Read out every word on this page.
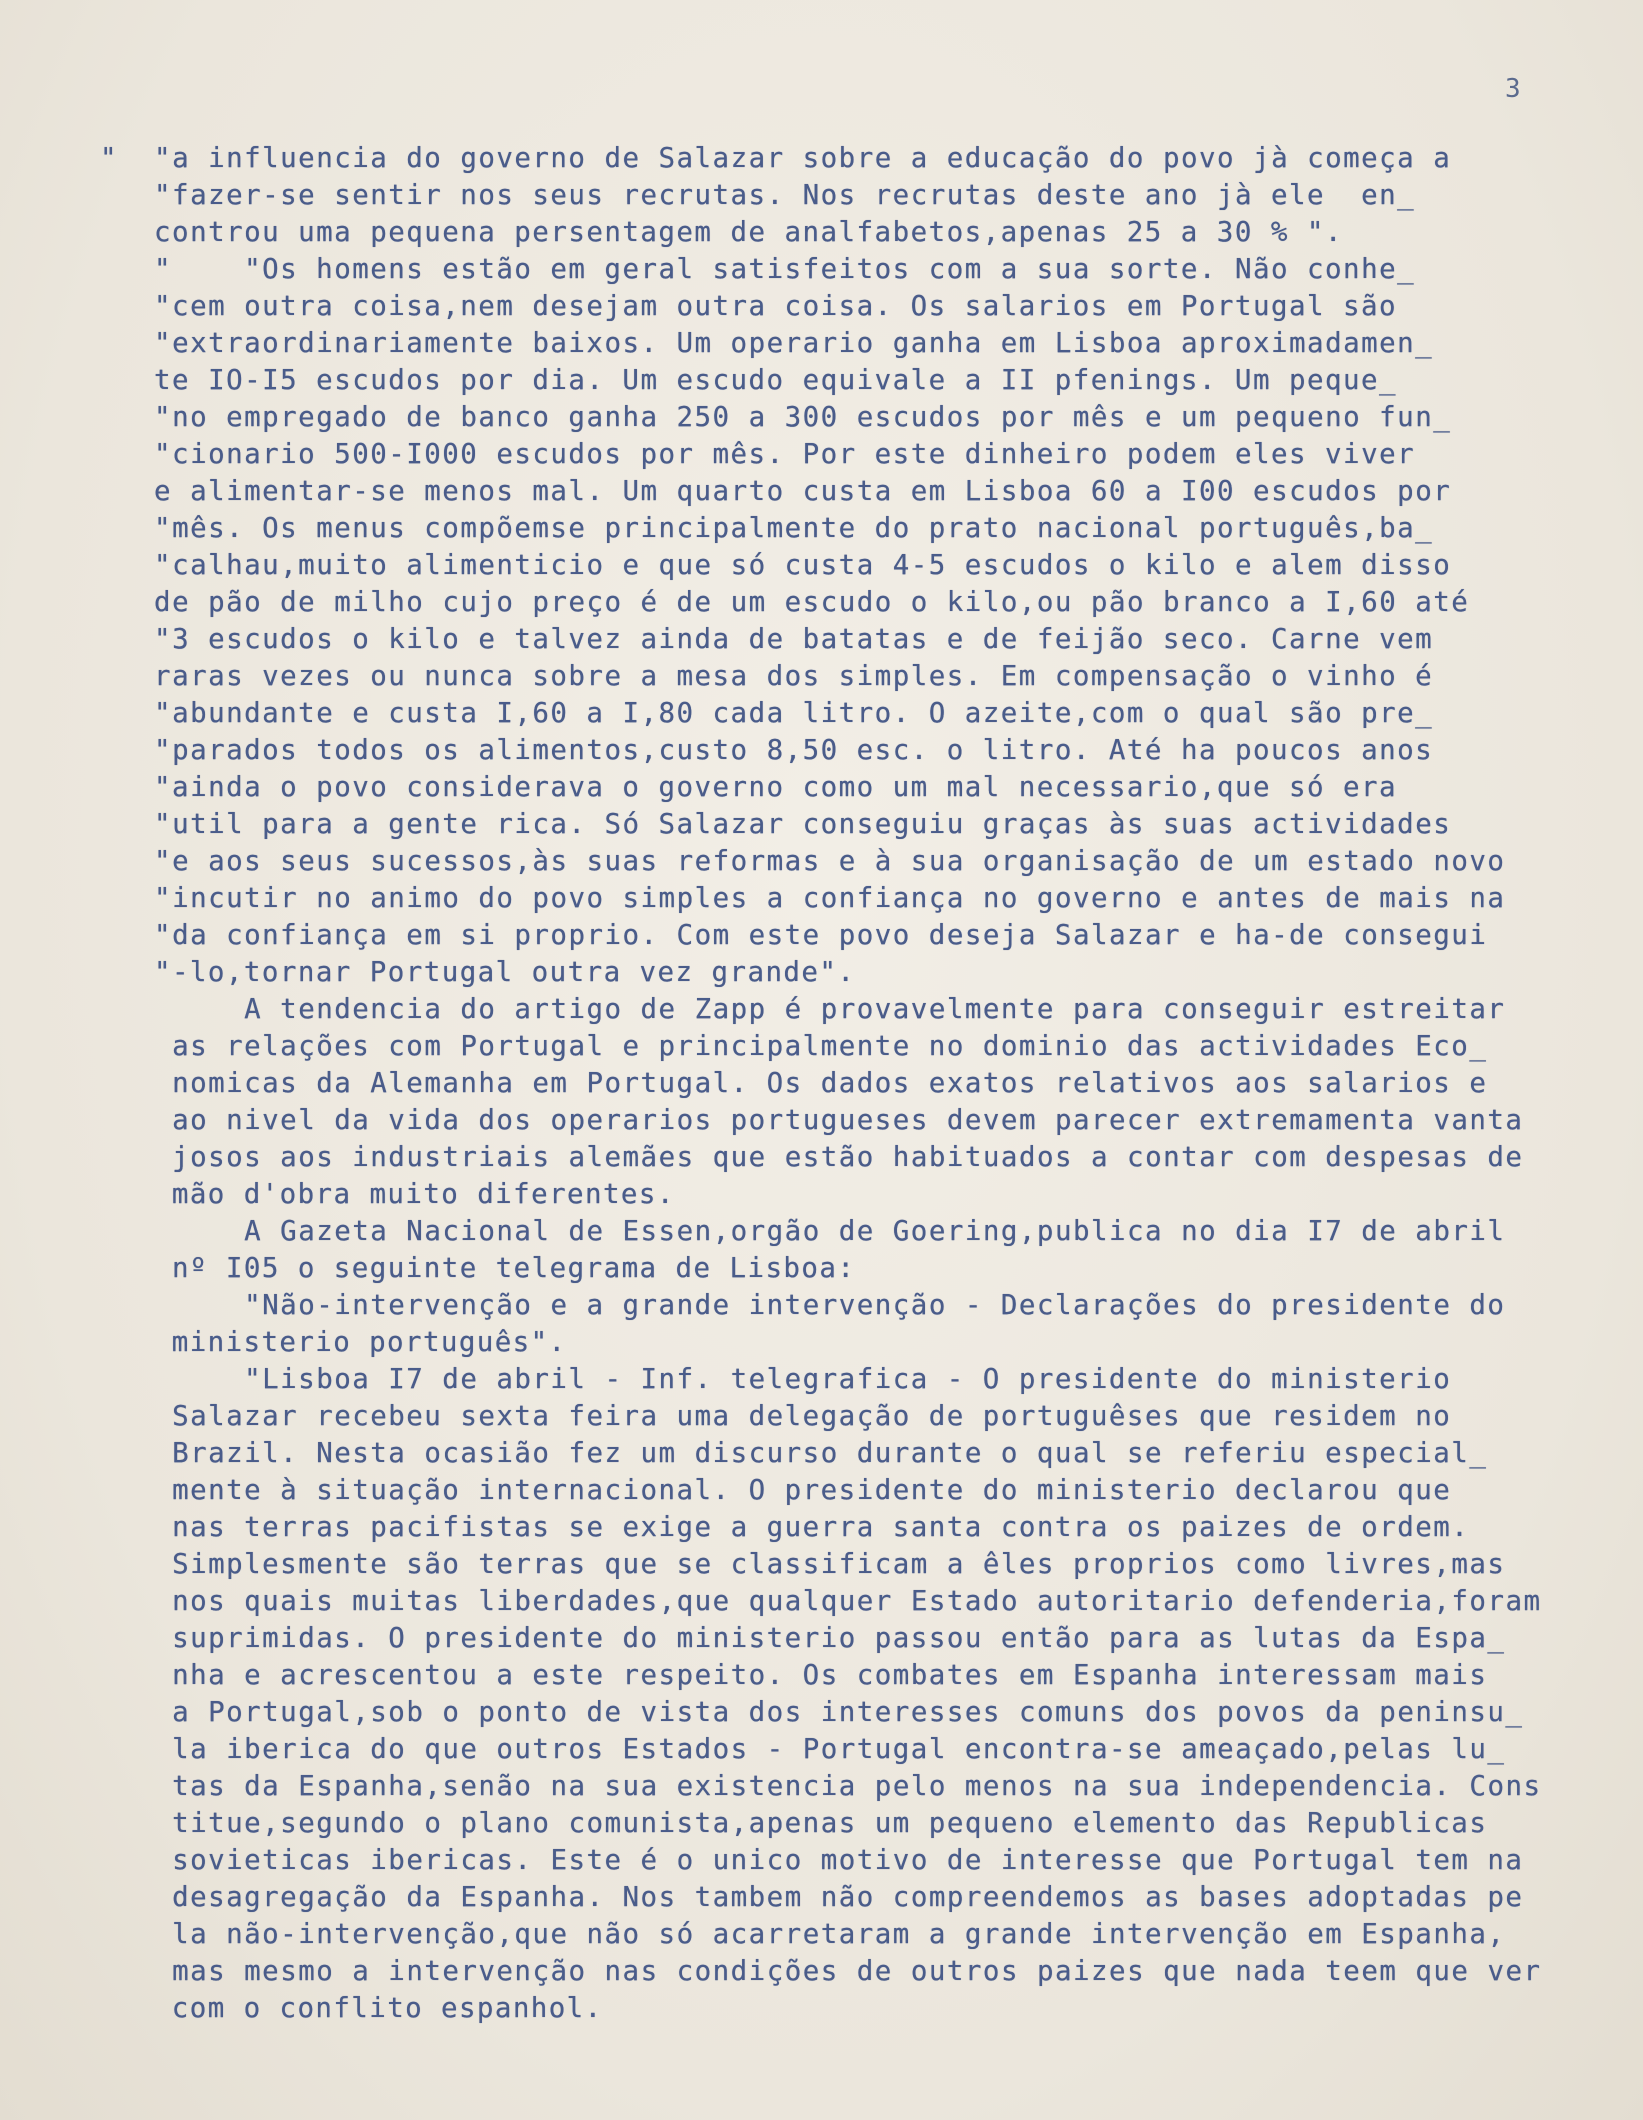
3
"  "a influencia do governo de Salazar sobre a educação do povo jà começa a
"fazer-se sentir nos seus recrutas. Nos recrutas deste ano jà ele  en_
controu uma pequena persentagem de analfabetos,apenas 25 a 30 % ".
"    "Os homens estão em geral satisfeitos com a sua sorte. Não conhe_
"cem outra coisa,nem desejam outra coisa. Os salarios em Portugal são
"extraordinariamente baixos. Um operario ganha em Lisboa aproximadamen_
te IO-I5 escudos por dia. Um escudo equivale a II pfenings. Um peque_
"no empregado de banco ganha 250 a 300 escudos por mês e um pequeno fun_
"cionario 500-I000 escudos por mês. Por este dinheiro podem eles viver
e alimentar-se menos mal. Um quarto custa em Lisboa 60 a I00 escudos por
"mês. Os menus compõemse principalmente do prato nacional português,ba_
"calhau,muito alimenticio e que só custa 4-5 escudos o kilo e alem disso
de pão de milho cujo preço é de um escudo o kilo,ou pão branco a I,60 até
"3 escudos o kilo e talvez ainda de batatas e de feijão seco. Carne vem
raras vezes ou nunca sobre a mesa dos simples. Em compensação o vinho é
"abundante e custa I,60 a I,80 cada litro. O azeite,com o qual são pre_
"parados todos os alimentos,custo 8,50 esc. o litro. Até ha poucos anos
"ainda o povo considerava o governo como um mal necessario,que só era
"util para a gente rica. Só Salazar conseguiu graças às suas actividades
"e aos seus sucessos,às suas reformas e à sua organisação de um estado novo
"incutir no animo do povo simples a confiança no governo e antes de mais na
"da confiança em si proprio. Com este povo deseja Salazar e ha-de consegui
"-lo,tornar Portugal outra vez grande".
A tendencia do artigo de Zapp é provavelmente para conseguir estreitar
as relações com Portugal e principalmente no dominio das actividades Eco_
nomicas da Alemanha em Portugal. Os dados exatos relativos aos salarios e
ao nivel da vida dos operarios portugueses devem parecer extremamenta vanta
josos aos industriais alemães que estão habituados a contar com despesas de
mão d'obra muito diferentes.
A Gazeta Nacional de Essen,orgão de Goering,publica no dia I7 de abril
nº I05 o seguinte telegrama de Lisboa:
"Não-intervenção e a grande intervenção - Declarações do presidente do
ministerio português".
"Lisboa I7 de abril - Inf. telegrafica - O presidente do ministerio
Salazar recebeu sexta feira uma delegação de portuguêses que residem no
Brazil. Nesta ocasião fez um discurso durante o qual se referiu especial_
mente à situação internacional. O presidente do ministerio declarou que
nas terras pacifistas se exige a guerra santa contra os paizes de ordem.
Simplesmente são terras que se classificam a êles proprios como livres,mas
nos quais muitas liberdades,que qualquer Estado autoritario defenderia,foram
suprimidas. O presidente do ministerio passou então para as lutas da Espa_
nha e acrescentou a este respeito. Os combates em Espanha interessam mais
a Portugal,sob o ponto de vista dos interesses comuns dos povos da peninsu_
la iberica do que outros Estados - Portugal encontra-se ameaçado,pelas lu_
tas da Espanha,senão na sua existencia pelo menos na sua independencia. Cons
titue,segundo o plano comunista,apenas um pequeno elemento das Republicas
sovieticas ibericas. Este é o unico motivo de interesse que Portugal tem na
desagregação da Espanha. Nos tambem não compreendemos as bases adoptadas pe
la não-intervenção,que não só acarretaram a grande intervenção em Espanha,
mas mesmo a intervenção nas condições de outros paizes que nada teem que ver
com o conflito espanhol.
